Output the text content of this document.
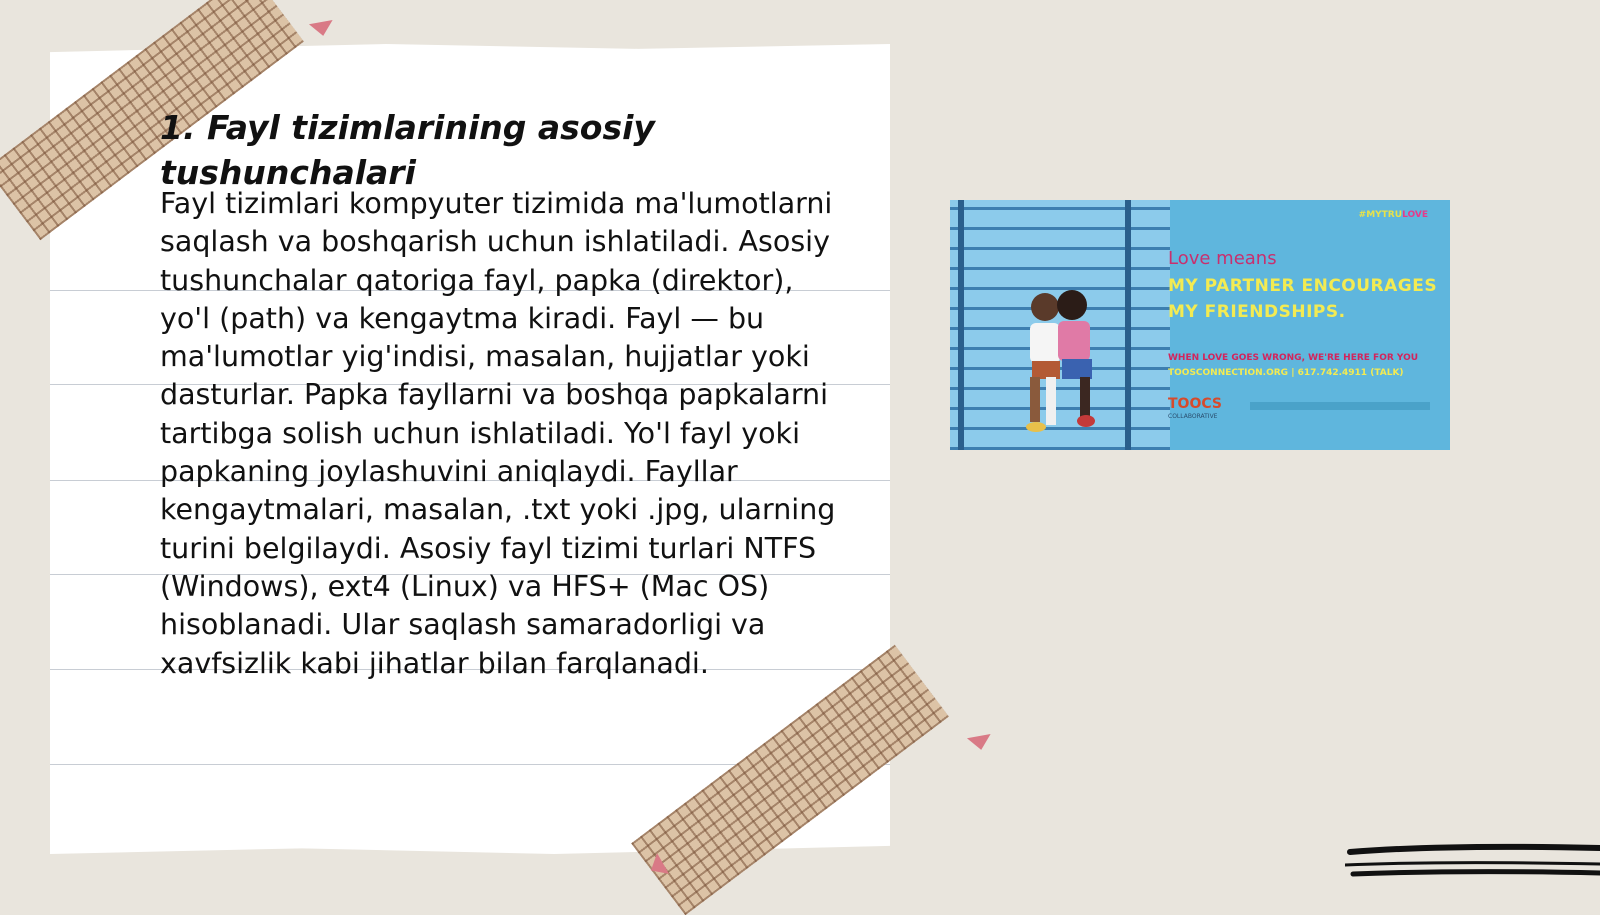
1. Fayl tizimlarining asosiy tushunchalari

Fayl tizimlari kompyuter tizimida ma'lumotlarni saqlash va boshqarish uchun ishlatiladi. Asosiy tushunchalar qatoriga fayl, papka (direktor), yo'l (path) va kengaytma kiradi. Fayl — bu ma'lumotlar yig'indisi, masalan, hujjatlar yoki dasturlar. Papka fayllarni va boshqa papkalarni tartibga solish uchun ishlatiladi. Yo'l fayl yoki papkaning joylashuvini aniqlaydi. Fayllar kengaytmalari, masalan, .txt yoki .jpg, ularning turini belgilaydi. Asosiy fayl tizimi turlari NTFS (Windows), ext4 (Linux) va HFS+ (Mac OS) hisoblanadi. Ular saqlash samaradorligi va xavfsizlik kabi jihatlar bilan farqlanadi.

#MYTRULOVE
Love means
MY PARTNER ENCOURAGES MY FRIENDSHIPS.
WHEN LOVE GOES WRONG, WE'RE HERE FOR YOU
TOOSCONNECTION.ORG | 617.742.4911 (TALK)
TOOCS
COLLABORATIVE
